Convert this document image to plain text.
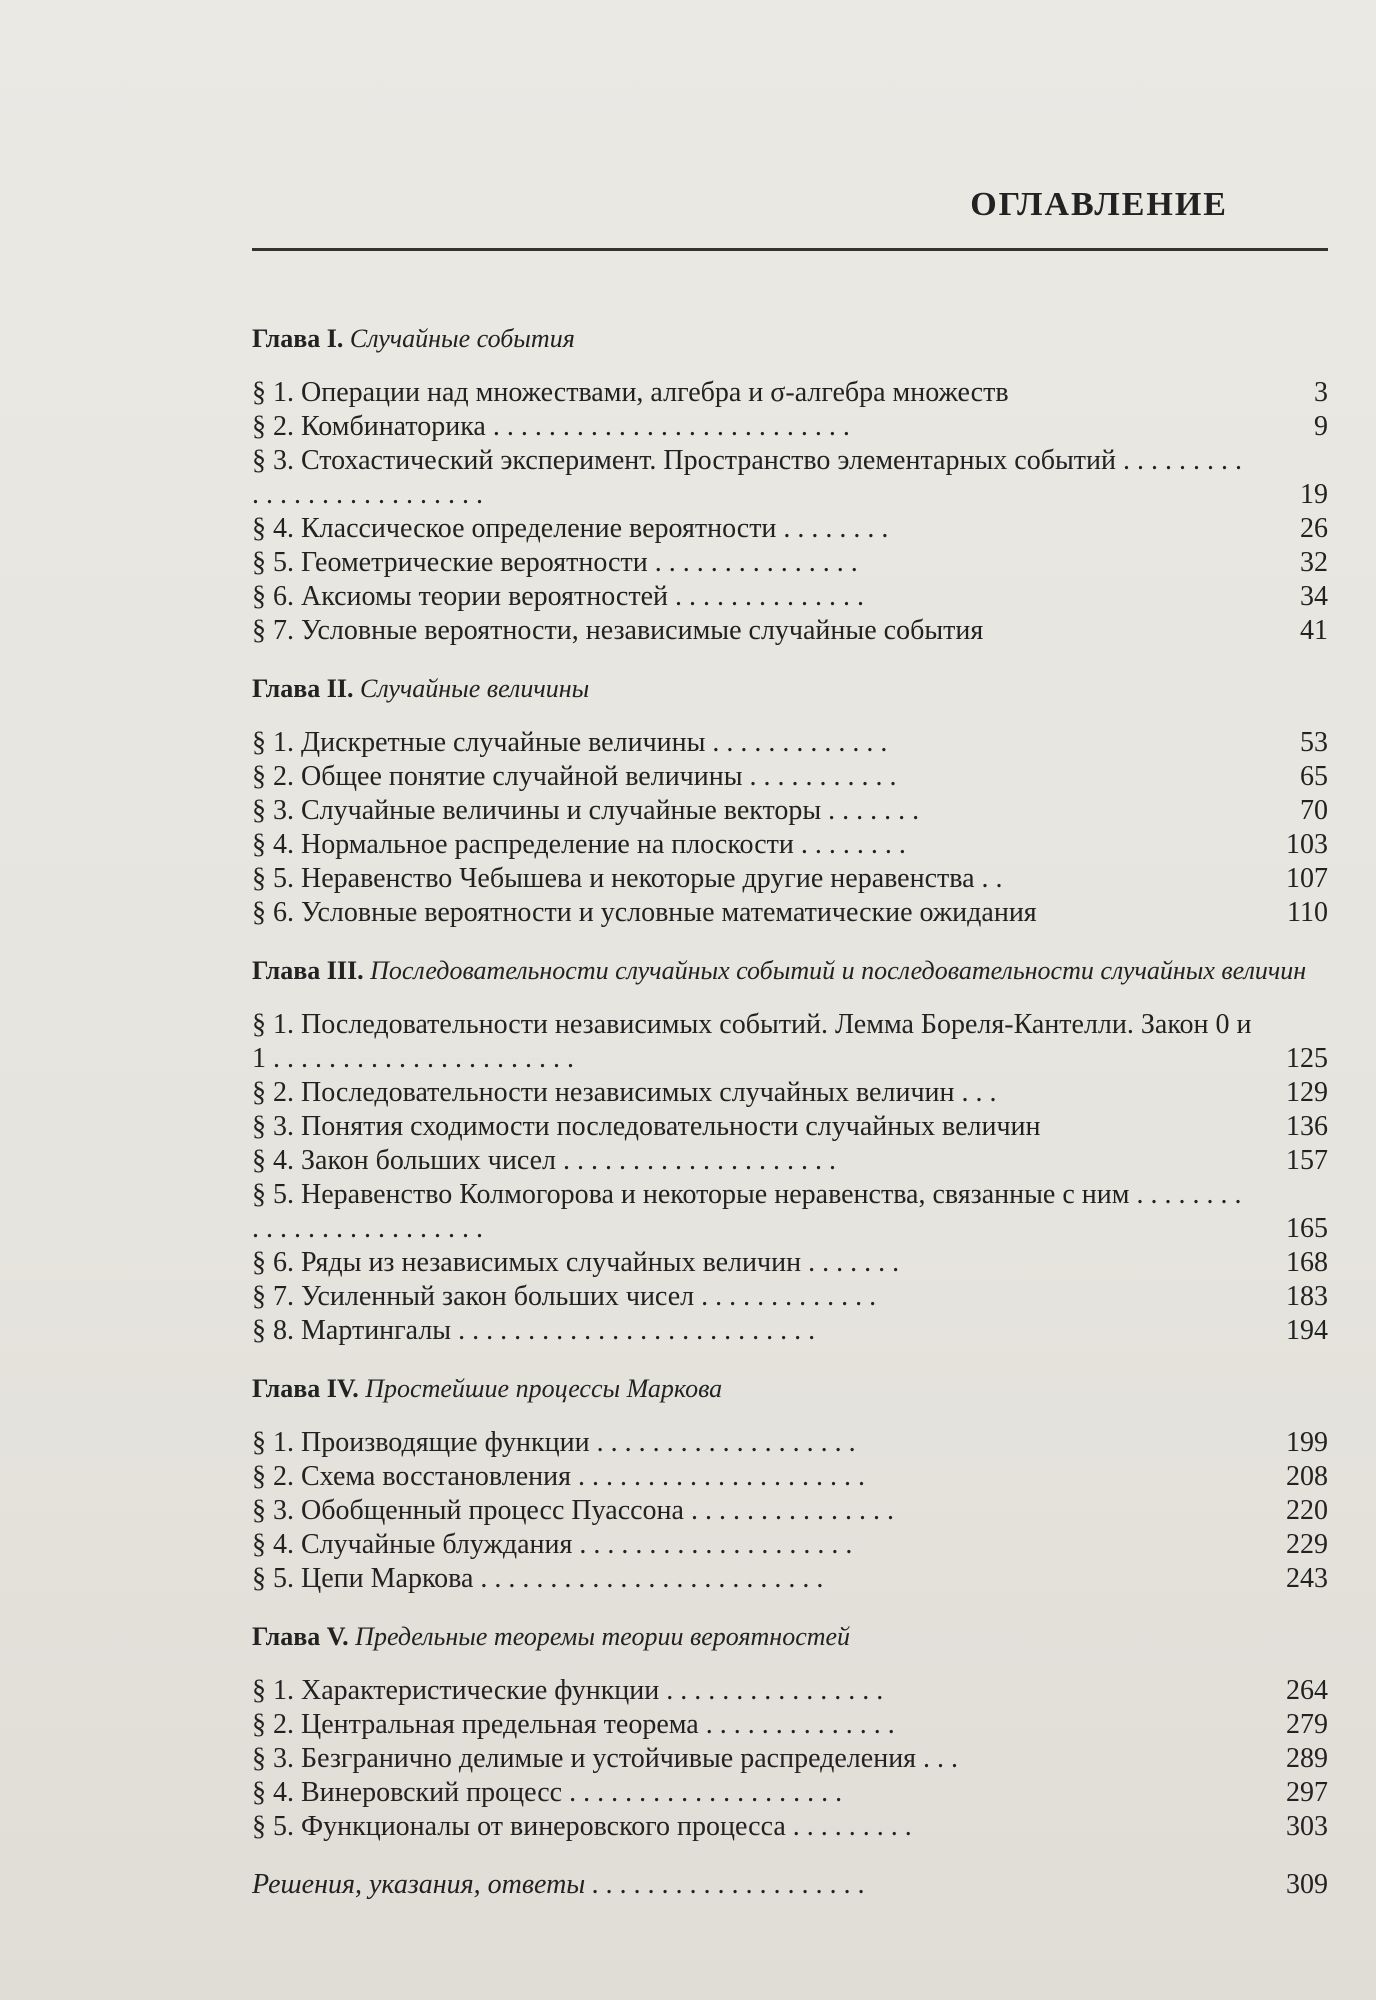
ОГЛАВЛЕНИЕ
Глава I. Случайные события
§ 1. Операции над множествами, алгебра и σ-алгебра множеств	3
§ 2. Комбинаторика . . . . . . . . . . . . . . . . . . . . . . . . . .	9
§ 3. Стохастический эксперимент. Пространство элементарных событий . . . . . . . . . . . . . . . . . . . . . . . . . .	19
§ 4. Классическое определение вероятности . . . . . . . .	26
§ 5. Геометрические вероятности . . . . . . . . . . . . . . .	32
§ 6. Аксиомы теории вероятностей . . . . . . . . . . . . . .	34
§ 7. Условные вероятности, независимые случайные события	41
Глава II. Случайные величины
§ 1. Дискретные случайные величины . . . . . . . . . . . . .	53
§ 2. Общее понятие случайной величины . . . . . . . . . . .	65
§ 3. Случайные величины и случайные векторы . . . . . . .	70
§ 4. Нормальное распределение на плоскости . . . . . . . .	103
§ 5. Неравенство Чебышева и некоторые другие неравенства . .	107
§ 6. Условные вероятности и условные математические ожидания	110
Глава III. Последовательности случайных событий и последовательности случайных величин
§ 1. Последовательности независимых событий. Лемма Бореля-Кантелли. Закон 0 и 1 . . . . . . . . . . . . . . . . . . . . . .	125
§ 2. Последовательности независимых случайных величин . . .	129
§ 3. Понятия сходимости последовательности случайных величин	136
§ 4. Закон больших чисел . . . . . . . . . . . . . . . . . . . .	157
§ 5. Неравенство Колмогорова и некоторые неравенства, связанные с ним . . . . . . . . . . . . . . . . . . . . . . . . .	165
§ 6. Ряды из независимых случайных величин . . . . . . .	168
§ 7. Усиленный закон больших чисел . . . . . . . . . . . . .	183
§ 8. Мартингалы . . . . . . . . . . . . . . . . . . . . . . . . . .	194
Глава IV. Простейшие процессы Маркова
§ 1. Производящие функции . . . . . . . . . . . . . . . . . . .	199
§ 2. Схема восстановления . . . . . . . . . . . . . . . . . . . . .	208
§ 3. Обобщенный процесс Пуассона . . . . . . . . . . . . . . .	220
§ 4. Случайные блуждания . . . . . . . . . . . . . . . . . . . .	229
§ 5. Цепи Маркова . . . . . . . . . . . . . . . . . . . . . . . . .	243
Глава V. Предельные теоремы теории вероятностей
§ 1. Характеристические функции . . . . . . . . . . . . . . . .	264
§ 2. Центральная предельная теорема . . . . . . . . . . . . . .	279
§ 3. Безгранично делимые и устойчивые распределения . . .	289
§ 4. Винеровский процесс . . . . . . . . . . . . . . . . . . . .	297
§ 5. Функционалы от винеровского процесса . . . . . . . . .	303
Решения, указания, ответы . . . . . . . . . . . . . . . . . . . .	309
